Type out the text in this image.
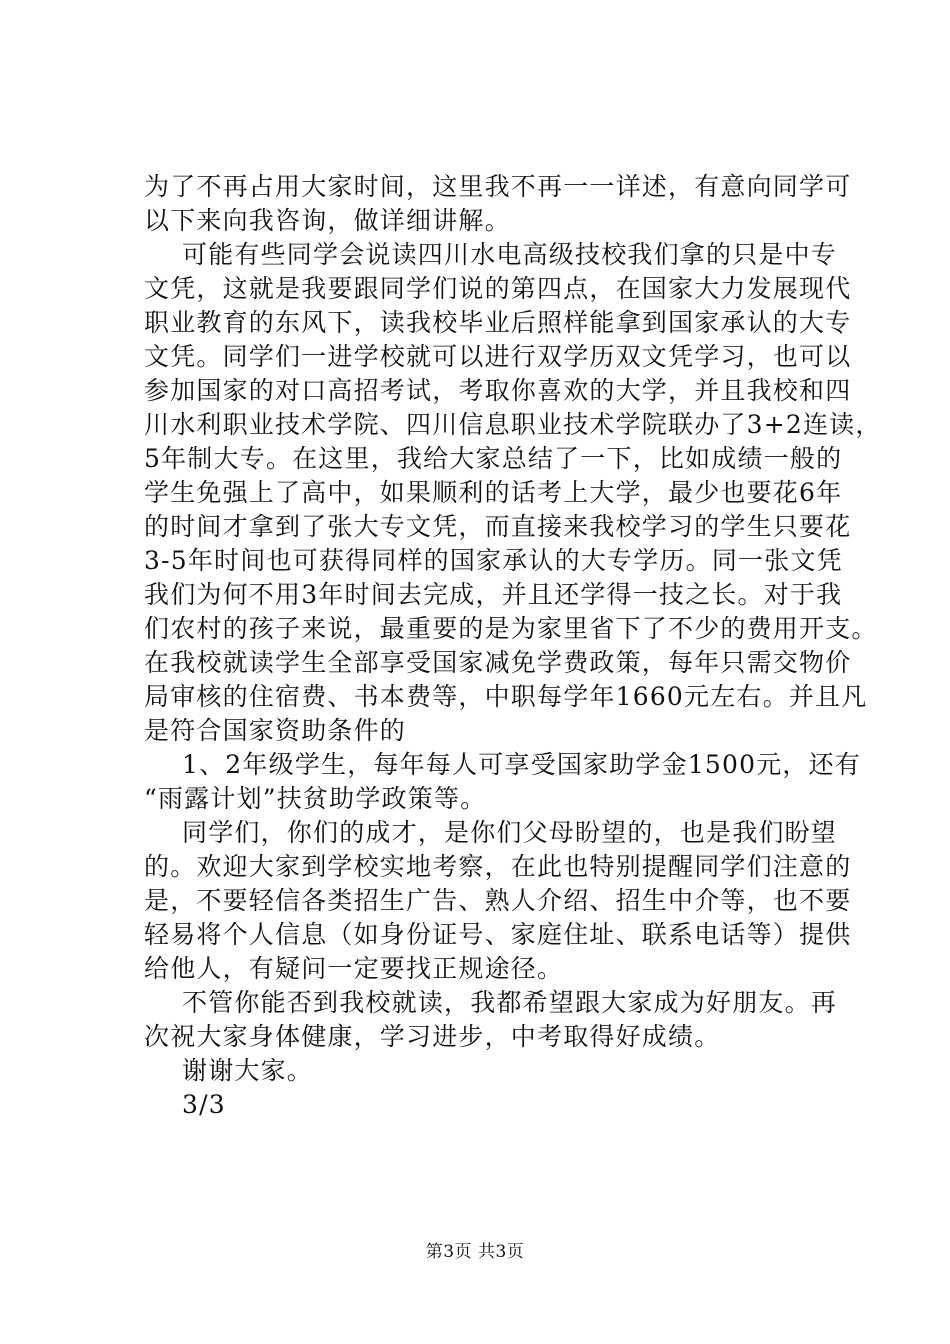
为了不再占用大家时间，这里我不再一一详述，有意向同学可
以下来向我咨询，做详细讲解。
可能有些同学会说读四川水电高级技校我们拿的只是中专
文凭，这就是我要跟同学们说的第四点，在国家大力发展现代
职业教育的东风下，读我校毕业后照样能拿到国家承认的大专
文凭。同学们一进学校就可以进行双学历双文凭学习，也可以
参加国家的对口高招考试，考取你喜欢的大学，并且我校和四
川水利职业技术学院、四川信息职业技术学院联办了3+2连读，
5年制大专。在这里，我给大家总结了一下，比如成绩一般的
学生免强上了高中，如果顺利的话考上大学，最少也要花6年
的时间才拿到了张大专文凭，而直接来我校学习的学生只要花
3-5年时间也可获得同样的国家承认的大专学历。同一张文凭
我们为何不用3年时间去完成，并且还学得一技之长。对于我
们农村的孩子来说，最重要的是为家里省下了不少的费用开支。
在我校就读学生全部享受国家减免学费政策，每年只需交物价
局审核的住宿费、书本费等，中职每学年1660元左右。并且凡
是符合国家资助条件的
1、2年级学生，每年每人可享受国家助学金1500元，还有
“雨露计划”扶贫助学政策等。
同学们，你们的成才，是你们父母盼望的，也是我们盼望
的。欢迎大家到学校实地考察，在此也特别提醒同学们注意的
是，不要轻信各类招生广告、熟人介绍、招生中介等，也不要
轻易将个人信息（如身份证号、家庭住址、联系电话等）提供
给他人，有疑问一定要找正规途径。
不管你能否到我校就读，我都希望跟大家成为好朋友。再
次祝大家身体健康，学习进步，中考取得好成绩。
谢谢大家。
3/3
第3页 共3页
